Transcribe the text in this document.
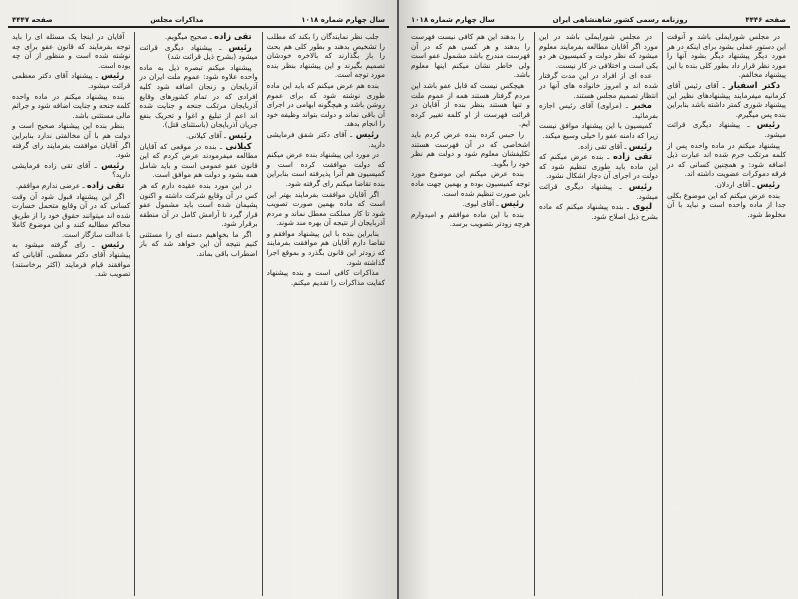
سال چهارم شماره ۱۰۱۸
مذاکرات مجلس
صفحه ۴۴۴۷

جلب نظر نمایندگان را بکند که مطلب را تشخیص بدهند و بطور کلی هم بحث را باز بگذارند که بالاخره خودشان تصمیم بگیرند و این پیشنهاد بنظر بنده مورد توجه است.

بنده هم عرض میکنم که باید این ماده طوری نوشته شود که برای عموم روشن باشد و هیچگونه ابهامی در اجرای آن باقی نماند و دولت بتواند وظیفه خود را انجام بدهد.

رئیس ـ آقای دکتر شفق فرمایشی دارید.

در مورد این پیشنهاد بنده عرض میکنم که دولت موافقت کرده است و کمیسیون هم آنرا پذیرفته است بنابراین بنده تقاضا میکنم رای گرفته شود.

اگر آقایان موافقت بفرمایند بهتر این است که ماده بهمین صورت تصویب شود تا کار مملکت معطل نماند و مردم آذربایجان از نتیجه آن بهره مند شوند.

بنابراین بنده با این پیشنهاد موافقم و تقاضا دارم آقایان هم موافقت بفرمایند که زودتر این قانون بگذرد و بموقع اجرا گذاشته شود.

مذاکرات کافی است و بنده پیشنهاد کفایت مذاکرات را تقدیم میکنم.

تقی زاده ـ صحیح میگویم.

رئیس ـ پیشنهاد دیگری قرائت میشود (بشرح ذیل قرائت شد)

پیشنهاد میکنم تبصره ذیل به ماده واحده علاوه شود: عموم ملت ایران در آذربایجان و زنجان اضافه شود کلیه افرادی که در تمام کشورهای وقایع آذربایجان مرتکب جنحه و جنایت شده اند اعم از تبلیغ و اغوا و تحریک بنفع جریان آذربایجان (باستثنای قتل).

رئیس ـ آقای کیلانی.

کیلانی ـ بنده در موقعی که آقایان مطالعه میفرمودند عرض کردم که این قانون عفو عمومی است و باید شامل همه بشود و دولت هم موافق است.

در این مورد بنده عقیده دارم که هر کس در آن وقایع شرکت داشته و اکنون پشیمان شده است باید مشمول عفو قرار گیرد تا آرامش کامل در آن منطقه برقرار شود.

اگر ما بخواهیم دسته ای را مستثنی کنیم نتیجه آن این خواهد شد که باز اضطراب باقی بماند.

آقایان در اینجا یک مسئله ای را باید توجه بفرمایند که قانون عفو برای چه نوشته شده است و منظور از آن چه بوده است.

رئیس ـ پیشنهاد آقای دکتر معظمی قرائت میشود.

بنده پیشنهاد میکنم در ماده واحده کلمه جنحه و جنایت اضافه شود و جرائم مالی مستثنی باشد.

بنظر بنده این پیشنهاد صحیح است و دولت هم با آن مخالفتی ندارد بنابراین اگر آقایان موافقت بفرمایند رای گرفته شود.

رئیس ـ آقای تقی زاده فرمایشی دارید؟

تقی زاده ـ عرضی ندارم موافقم.

اگر این پیشنهاد قبول شود آن وقت کسانی که در آن وقایع متحمل خسارت شده اند میتوانند حقوق خود را از طریق محاکم مطالبه کنند و این موضوع کاملا با عدالت سازگار است.

رئیس ـ رای گرفته میشود به پیشنهاد آقای دکتر معظمی. آقایانی که موافقند قیام فرمایند (اکثر برخاستند) تصویب شد.

صفحه ۴۴۴۶
روزنامه رسمی کشور شاهنشاهی ایران
سال چهارم شماره ۱۰۱۸

در مجلس شورایملی باشد و آنوقت این دستور عملی بشود برای اینکه در هر مورد دیگر پیشنهاد دیگر بشود آنها را مورد نظر قرار داد بطور کلی بنده با این پیشنهاد مخالفم.

دکتر اسفیار ـ آقای رئیس آقای کرمانیه میفرمایند پیشنهادهای نظیر این پیشنهاد شوری کمتر داشته باشد بنابراین بنده پس میگیرم.

رئیس ـ پیشنهاد دیگری قرائت میشود.

پیشنهاد میکنم در ماده واحده پس از کلمه مرتکب جرم شده اند عبارت ذیل اضافه شود: و همچنین کسانی که در فرقه دموکرات عضویت داشته اند.

رئیس ـ آقای اردلان.

بنده عرض میکنم که این موضوع بکلی جدا از ماده واحده است و نباید با آن مخلوط شود.

در مجلس شورایملی باشد در این مورد اگر آقایان مطالعه بفرمایند معلوم میشود که نظر دولت و کمیسیون هر دو یکی است و اختلافی در کار نیست.

عده ای از افراد در این مدت گرفتار شده اند و امروز خانواده های آنها در انتظار تصمیم مجلس هستند.

مخبر ـ (مراوی) آقای رئیس اجازه بفرمائید.

کمیسیون با این پیشنهاد موافق نیست زیرا که دامنه عفو را خیلی وسیع میکند.

رئیس ـ آقای تقی زاده.

تقی زاده ـ بنده عرض میکنم که این ماده باید طوری تنظیم شود که دولت در اجرای آن دچار اشکال نشود.

رئیس ـ پیشنهاد دیگری قرائت میشود.

لیوی ـ بنده پیشنهاد میکنم که ماده بشرح ذیل اصلاح شود.

را بدهند این هم کافی نیست فهرست را بدهند و هر کسی هم که در آن فهرست مندرج باشد مشمول عفو است ولی خاطر نشان میکنم اینها معلوم باشد.

هیچکس نیست که قابل عفو باشد این مردم گرفتار هستند همه از عموم ملت و تنها هستند بنظر بنده از آقایان در قرائت فهرست از او کلمه تغییر کرده ایم.

را حبس کرده بنده عرض کردم باید اشخاصی که در آن فهرست هستند تکلیفشان معلوم شود و دولت هم نظر خود را بگوید.

بنده عرض میکنم این موضوع مورد توجه کمیسیون بوده و بهمین جهت ماده باین صورت تنظیم شده است.

رئیس ـ آقای لیوی.

بنده با این ماده موافقم و امیدوارم هرچه زودتر بتصویب برسد.
